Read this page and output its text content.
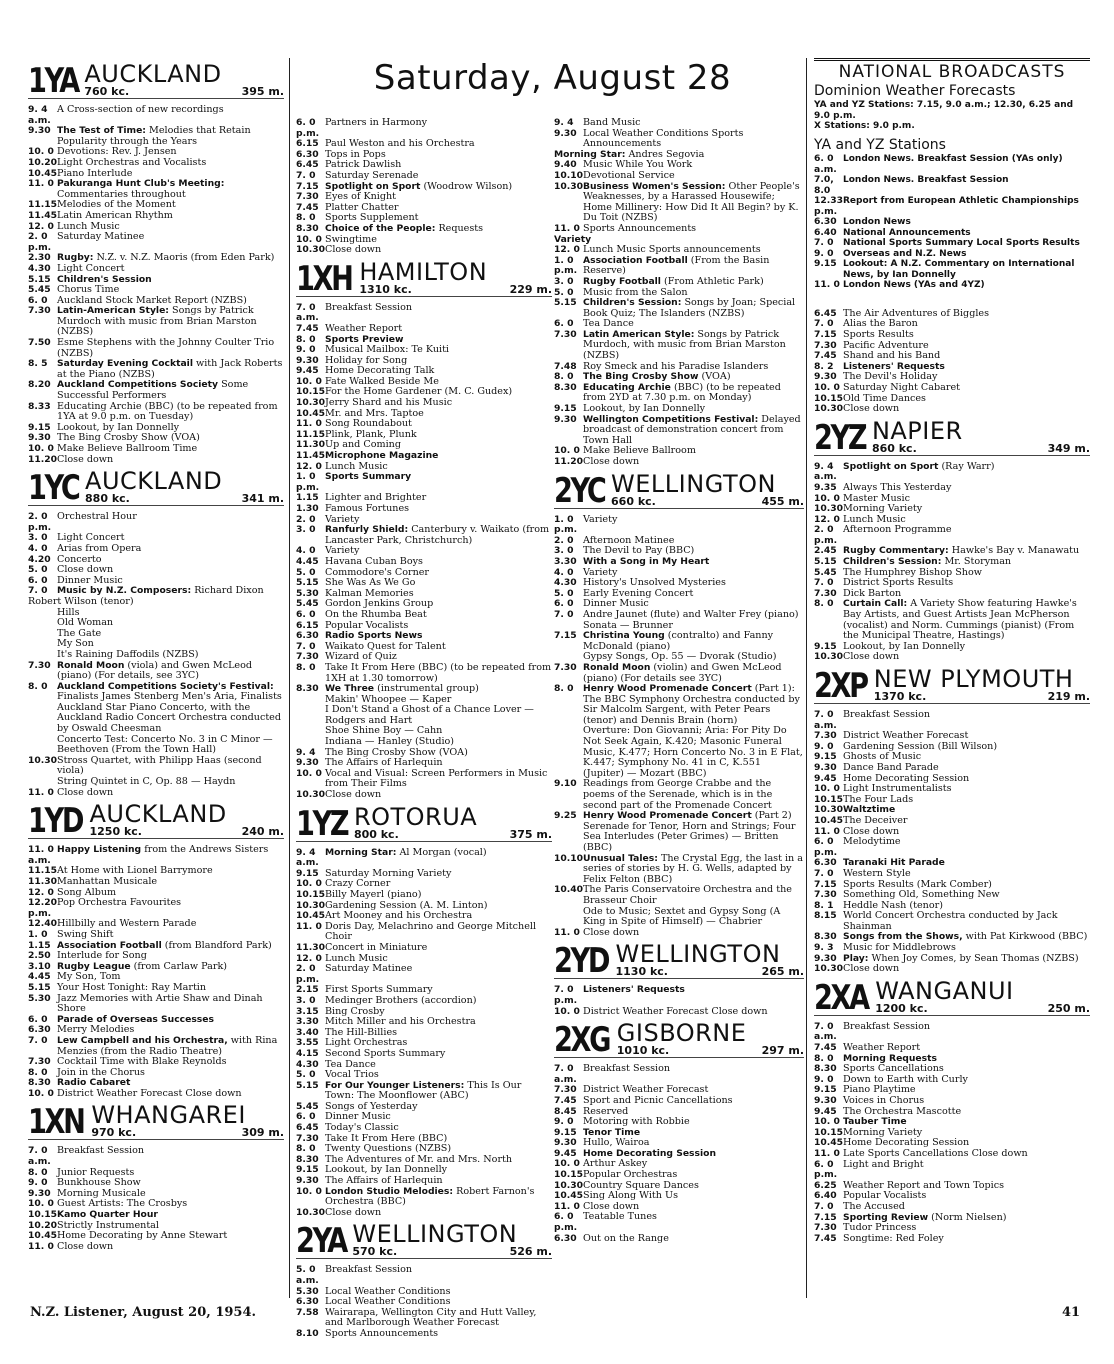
Saturday, August 28
1YA AUCKLAND
760 kc.	395 m.
9. 4 a.m.
A Cross-section of new recordings
9.30 The Test of Time: Melodies that Retain Popularity through the Years
10. 0 Devotions: Rev. J. Jensen
10.20 Light Orchestras and Vocalists
10.45 Piano Interlude
11. 0 Pakuranga Hunt Club's Meeting: Commentaries throughout
11.15 Melodies of the Moment
11.45 Latin American Rhythm
12. 0 Lunch Music
2. 0 p.m.
Saturday Matinee
2.30 Rugby: N.Z. v. N.Z. Maoris (from Eden Park)
4.30 Light Concert
5.15 Children's Session
5.45 Chorus Time
6. 0 Auckland Stock Market Report (NZBS)
7.30 Latin-American Style: Songs by Patrick Murdoch with music from Brian Marston (NZBS)
7.50 Esme Stephens with the Johnny Coulter Trio (NZBS)
8. 5	Saturday Evening Cocktail with Jack Roberts at the Piano (NZBS)
8.20 Auckland Competitions Society Some Successful Performers
8.33 Educating Archie (BBC) (to be repeated from 1YA at 9.0 p.m. on Tuesday)
9.15 Lookout, by Ian Donnelly
9.30 The Bing Crosby Show (VOA)
10. 0 Make Believe Ballroom Time
11.20 Close down
1YC AUCKLAND
880 kc.	341 m.
2. 0 p.m.
Orchestral Hour
3. 0 Light Concert
4. 0 Arias from Opera
4.20 Concerto
5. 0 Close down
6. 0 Dinner Music
7. 0	Music by N.Z. Composers: Richard Dixon
Robert Wilson (tenor)
Hills
Old Woman
The Gate
My Son
It's Raining Daffodils (NZBS)
7.30 Ronald Moon (viola) and Gwen McLeod (piano) (For details, see 3YC)
8. 0	Auckland Competitions Society's Festival: Finalists James Stenberg Men's Aria, Finalists Auckland Star Piano Concerto, with the Auckland Radio Concert Orchestra conducted by Oswald Cheesman
Concerto Test: Concerto No. 3 in C Minor — Beethoven (From the Town Hall)
10.30 Stross Quartet, with Philipp Haas (second viola)
String Quintet in C, Op. 88 — Haydn
11. 0 Close down
1YD AUCKLAND
1250 kc.	240 m.
11. 0 a.m.
Happy Listening from the Andrews Sisters
11.15 At Home with Lionel Barrymore
11.30 Manhattan Musicale
12. 0 Song Album
12.20 p.m.
Pop Orchestra Favourites
12.40 Hillbilly and Western Parade
1. 0 Swing Shift
1.15 Association Football (from Blandford Park)
2.50 Interlude for Song
3.10 Rugby League (from Carlaw Park)
4.45 My Son, Tom
5.15 Your Host Tonight: Ray Martin
5.30 Jazz Memories with Artie Shaw and Dinah Shore
6. 0	Parade of Overseas Successes
6.30 Merry Melodies
7. 0	Lew Campbell and his Orchestra, with Rina Menzies (from the Radio Theatre)
7.30 Cocktail Time with Blake Reynolds
8. 0 Join in the Chorus
8.30 Radio Cabaret
10. 0 District Weather Forecast Close down
1XN WHANGAREI
970 kc.	309 m.
7. 0 a.m.
Breakfast Session
8. 0 Junior Requests
9. 0 Bunkhouse Show
9.30 Morning Musicale
10. 0 Guest Artists: The Crosbys
10.15 Kamo Quarter Hour
10.20 Strictly Instrumental
10.45 Home Decorating by Anne Stewart
11. 0 Close down
6. 0 p.m.
Partners in Harmony
6.15 Paul Weston and his Orchestra
6.30 Tops in Pops
6.45 Patrick Dawlish
7. 0 Saturday Serenade
7.15 Spotlight on Sport (Woodrow Wilson)
7.30 Eyes of Knight
7.45 Platter Chatter
8. 0 Sports Supplement
8.30 Choice of the People: Requests
10. 0 Swingtime
10.30 Close down
1XH HAMILTON
1310 kc.	229 m.
7. 0 a.m.
Breakfast Session
7.45 Weather Report
8. 0	Sports Preview
9. 0 Musical Mailbox: Te Kuiti
9.30 Holiday for Song
9.45 Home Decorating Talk
10. 0 Fate Walked Beside Me
10.15 For the Home Gardener (M. C. Gudex)
10.30 Jerry Shard and his Music
10.45 Mr. and Mrs. Taptoe
11. 0 Song Roundabout
11.15 Plink, Plank, Plunk
11.30 Up and Coming
11.45 Microphone Magazine
12. 0 Lunch Music
1. 0 p.m.
Sports Summary
1.15 Lighter and Brighter
1.30 Famous Fortunes
2. 0 Variety
3. 0	Ranfurly Shield: Canterbury v. Waikato (from Lancaster Park, Christchurch)
4. 0 Variety
4.45 Havana Cuban Boys
5. 0 Commodore's Corner
5.15 She Was As We Go
5.30 Kalman Memories
5.45 Gordon Jenkins Group
6. 0 On the Rhumba Beat
6.15 Popular Vocalists
6.30 Radio Sports News
7. 0 Waikato Quest for Talent
7.30 Wizard of Quiz
8. 0 Take It From Here (BBC) (to be repeated from 1XH at 1.30 tomorrow)
8.30 We Three (instrumental group)
Makin' Whoopee — Kaper
I Don't Stand a Ghost of a Chance Lover — Rodgers and Hart
Shoe Shine Boy — Cahn
Indiana — Hanley (Studio)
9. 4 The Bing Crosby Show (VOA)
9.30 The Affairs of Harlequin
10. 0 Vocal and Visual: Screen Performers in Music from Their Films
10.30 Close down
1YZ ROTORUA
800 kc.	375 m.
9. 4 a.m.
Morning Star: Al Morgan (vocal)
9.15 Saturday Morning Variety
10. 0 Crazy Corner
10.15 Billy Mayerl (piano)
10.30 Gardening Session (A. M. Linton)
10.45 Art Mooney and his Orchestra
11. 0 Doris Day, Melachrino and George Mitchell Choir
11.30 Concert in Miniature
12. 0 Lunch Music
2. 0 p.m.
Saturday Matinee
2.15 First Sports Summary
3. 0 Medinger Brothers (accordion)
3.15 Bing Crosby
3.30 Mitch Miller and his Orchestra
3.40 The Hill-Billies
3.55 Light Orchestras
4.15 Second Sports Summary
4.30 Tea Dance
5. 0 Vocal Trios
5.15 For Our Younger Listeners: This Is Our Town: The Moonflower (ABC)
5.45 Songs of Yesterday
6. 0 Dinner Music
6.45 Today's Classic
7.30 Take It From Here (BBC)
8. 0 Twenty Questions (NZBS)
8.30 The Adventures of Mr. and Mrs. North
9.15 Lookout, by Ian Donnelly
9.30 The Affairs of Harlequin
10. 0 London Studio Melodies: Robert Farnon's Orchestra (BBC)
10.30 Close down
2YA WELLINGTON
570 kc.	526 m.
5. 0 a.m.
Breakfast Session
5.30 Local Weather Conditions
6.30 Local Weather Conditions
7.58 Wairarapa, Wellington City and Hutt Valley, and Marlborough Weather Forecast
8.10 Sports Announcements
9. 4 Band Music
9.30 Local Weather Conditions Sports Announcements
Morning Star: Andres Segovia
9.40 Music While You Work
10.10 Devotional Service
10.30 Business Women's Session: Other People's Weaknesses, by a Harassed Housewife; Home Millinery: How Did It All Begin? by K. Du Toit (NZBS)
11. 0 Sports Announcements
Variety
12. 0 Lunch Music Sports announcements
1. 0 p.m.
Association Football (From the Basin Reserve)
3. 0	Rugby Football (From Athletic Park)
5. 0 Music from the Salon
5.15 Children's Session: Songs by Joan; Special Book Quiz; The Islanders (NZBS)
6. 0 Tea Dance
7.30 Latin American Style: Songs by Patrick Murdoch, with music from Brian Marston (NZBS)
7.48 Roy Smeck and his Paradise Islanders
8. 0	The Bing Crosby Show (VOA)
8.30 Educating Archie (BBC) (to be repeated from 2YD at 7.30 p.m. on Monday)
9.15 Lookout, by Ian Donnelly
9.30 Wellington Competitions Festival: Delayed broadcast of demonstration concert from Town Hall
10. 0 Make Believe Ballroom
11.20 Close down
2YC WELLINGTON
660 kc.	455 m.
1. 0 p.m.
Variety
2. 0 Afternoon Matinee
3. 0 The Devil to Pay (BBC)
3.30 With a Song in My Heart
4. 0 Variety
4.30 History's Unsolved Mysteries
5. 0 Early Evening Concert
6. 0 Dinner Music
7. 0 Andre Jaunet (flute) and Walter Frey (piano)
Sonata — Brunner
7.15 Christina Young (contralto) and Fanny McDonald (piano)
Gypsy Songs, Op. 55 — Dvorak (Studio)
7.30 Ronald Moon (violin) and Gwen McLeod (piano) (For details see 3YC)
8. 0	Henry Wood Promenade Concert (Part 1): The BBC Symphony Orchestra conducted by Sir Malcolm Sargent, with Peter Pears (tenor) and Dennis Brain (horn)
Overture: Don Giovanni; Aria: For Pity Do Not Seek Again, K.420; Masonic Funeral Music, K.477; Horn Concerto No. 3 in E Flat, K.447; Symphony No. 41 in C, K.551 (Jupiter) — Mozart (BBC)
9.10 Readings from George Crabbe and the poems of the Serenade, which is in the second part of the Promenade Concert
9.25 Henry Wood Promenade Concert (Part 2)
Serenade for Tenor, Horn and Strings; Four Sea Interludes (Peter Grimes) — Britten (BBC)
10.10 Unusual Tales: The Crystal Egg, the last in a series of stories by H. G. Wells, adapted by Felix Felton (BBC)
10.40 The Paris Conservatoire Orchestra and the Brasseur Choir
Ode to Music; Sextet and Gypsy Song (A King in Spite of Himself) — Chabrier
11. 0 Close down
2YD WELLINGTON
1130 kc.	265 m.
7. 0 p.m.
Listeners' Requests
10. 0 District Weather Forecast Close down
2XG GISBORNE
1010 kc.	297 m.
7. 0 a.m.
Breakfast Session
7.30 District Weather Forecast
7.45 Sport and Picnic Cancellations
8.45 Reserved
9. 0 Motoring with Robbie
9.15 Tenor Time
9.30 Hullo, Wairoa
9.45 Home Decorating Session
10. 0 Arthur Askey
10.15 Popular Orchestras
10.30 Country Square Dances
10.45 Sing Along With Us
11. 0 Close down
6. 0 p.m.
Teatable Tunes
6.30 Out on the Range
NATIONAL BROADCASTS
Dominion Weather Forecasts
YA and YZ Stations: 7.15, 9.0 a.m.; 12.30, 6.25 and 9.0 p.m.
X Stations: 9.0 p.m.
YA and YZ Stations
6. 0 a.m.
London News. Breakfast Session (YAs only)
7.0, 8.0
London News. Breakfast Session
12.33 p.m.
Report from European Athletic Championships
6.30 London News
6.40 National Announcements
7. 0	National Sports Summary Local Sports Results
9. 0	Overseas and N.Z. News
9.15 Lookout: A N.Z. Commentary on International News, by Ian Donnelly
11. 0 London News (YAs and 4YZ)
6.45 The Air Adventures of Biggles
7. 0 Alias the Baron
7.15 Sports Results
7.30 Pacific Adventure
7.45 Shand and his Band
8. 2	Listeners' Requests
9.30 The Devil's Holiday
10. 0 Saturday Night Cabaret
10.15 Old Time Dances
10.30 Close down
2YZ NAPIER
860 kc.	349 m.
9. 4 a.m.
Spotlight on Sport (Ray Warr)
9.35 Always This Yesterday
10. 0 Master Music
10.30 Morning Variety
12. 0 Lunch Music
2. 0 p.m.
Afternoon Programme
2.45 Rugby Commentary: Hawke's Bay v. Manawatu
5.15 Children's Session: Mr. Storyman
5.45 The Humphrey Bishop Show
7. 0 District Sports Results
7.30 Dick Barton
8. 0	Curtain Call: A Variety Show featuring Hawke's Bay Artists, and Guest Artists Jean McPherson (vocalist) and Norm. Cummings (pianist) (From the Municipal Theatre, Hastings)
9.15 Lookout, by Ian Donnelly
10.30 Close down
2XP NEW PLYMOUTH
1370 kc.	219 m.
7. 0 a.m.
Breakfast Session
7.30 District Weather Forecast
9. 0 Gardening Session (Bill Wilson)
9.15 Ghosts of Music
9.30 Dance Band Parade
9.45 Home Decorating Session
10. 0 Light Instrumentalists
10.15 The Four Lads
10.30 Waltztime
10.45 The Deceiver
11. 0 Close down
6. 0 p.m.
Melodytime
6.30 Taranaki Hit Parade
7. 0 Western Style
7.15 Sports Results (Mark Comber)
7.30 Something Old, Something New
8. 1 Heddle Nash (tenor)
8.15 World Concert Orchestra conducted by Jack Shainman
8.30 Songs from the Shows, with Pat Kirkwood (BBC)
9. 3 Music for Middlebrows
9.30 Play: When Joy Comes, by Sean Thomas (NZBS)
10.30 Close down
2XA WANGANUI
1200 kc.	250 m.
7. 0 a.m.
Breakfast Session
7.45 Weather Report
8. 0	Morning Requests
8.30 Sports Cancellations
9. 0 Down to Earth with Curly
9.15 Piano Playtime
9.30 Voices in Chorus
9.45 The Orchestra Mascotte
10. 0 Tauber Time
10.15 Morning Variety
10.45 Home Decorating Session
11. 0 Late Sports Cancellations Close down
6. 0 p.m.
Light and Bright
6.25 Weather Report and Town Topics
6.40 Popular Vocalists
7. 0 The Accused
7.15 Sporting Review (Norm Nielsen)
7.30 Tudor Princess
7.45 Songtime: Red Foley
N.Z. Listener, August 20, 1954.	41
